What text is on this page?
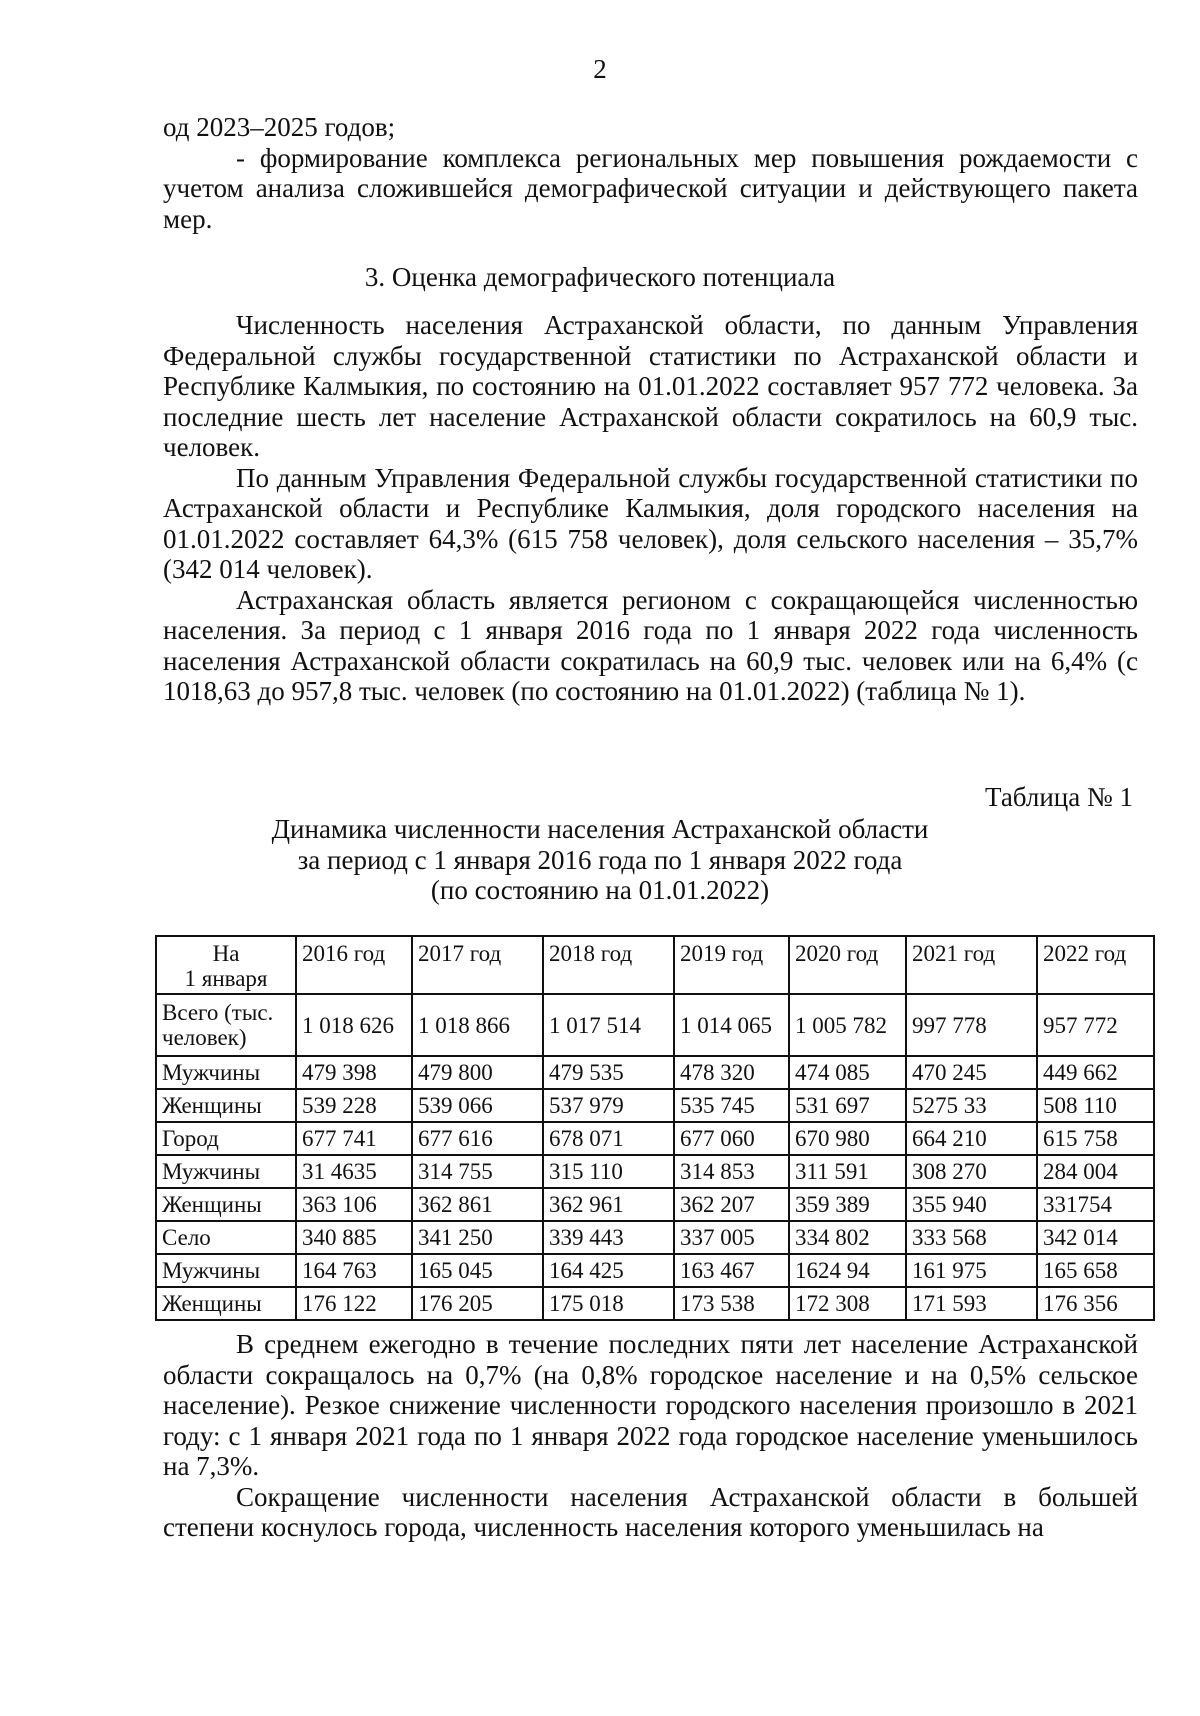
2

од 2023–2025 годов;

- формирование комплекса региональных мер повышения рождаемости с учетом анализа сложившейся демографической ситуации и действующего пакета мер.

3. Оценка демографического потенциала

Численность населения Астраханской области, по данным Управления Федеральной службы государственной статистики по Астраханской области и Республике Калмыкия, по состоянию на 01.01.2022 составляет 957 772 человека. За последние шесть лет население Астраханской области сократилось на 60,9 тыс. человек.

По данным Управления Федеральной службы государственной статистики по Астраханской области и Республике Калмыкия, доля городского населения на 01.01.2022 составляет 64,3% (615 758 человек), доля сельского населения – 35,7% (342 014 человек).

Астраханская область является регионом с сокращающейся численностью населения. За период с 1 января 2016 года по 1 января 2022 года численность населения Астраханской области сократилась на 60,9 тыс. человек или на 6,4% (с 1018,63 до 957,8 тыс. человек (по состоянию на 01.01.2022) (таблица № 1).

Таблица № 1
Динамика численности населения Астраханской области
за период с 1 января 2016 года по 1 января 2022 года
(по состоянию на 01.01.2022)
На
1 января	2016 год	2017 год	2018 год	2019 год	2020 год	2021 год	2022 год
Всего (тыс. человек)	1 018 626	1 018 866	1 017 514	1 014 065	1 005 782	997 778	957 772
Мужчины	479 398	479 800	479 535	478 320	474 085	470 245	449 662
Женщины	539 228	539 066	537 979	535 745	531 697	5275 33	508 110
Город	677 741	677 616	678 071	677 060	670 980	664 210	615 758
Мужчины	31 4635	314 755	315 110	314 853	311 591	308 270	284 004
Женщины	363 106	362 861	362 961	362 207	359 389	355 940	331754
Село	340 885	341 250	339 443	337 005	334 802	333 568	342 014
Мужчины	164 763	165 045	164 425	163 467	1624 94	161 975	165 658
Женщины	176 122	176 205	175 018	173 538	172 308	171 593	176 356

В среднем ежегодно в течение последних пяти лет население Астраханской области сокращалось на 0,7% (на 0,8% городское население и на 0,5% сельское население). Резкое снижение численности городского населения произошло в 2021 году: с 1 января 2021 года по 1 января 2022 года городское население уменьшилось на 7,3%.

Сокращение численности населения Астраханской области в большей степени коснулось города, численность населения которого уменьшилась на
